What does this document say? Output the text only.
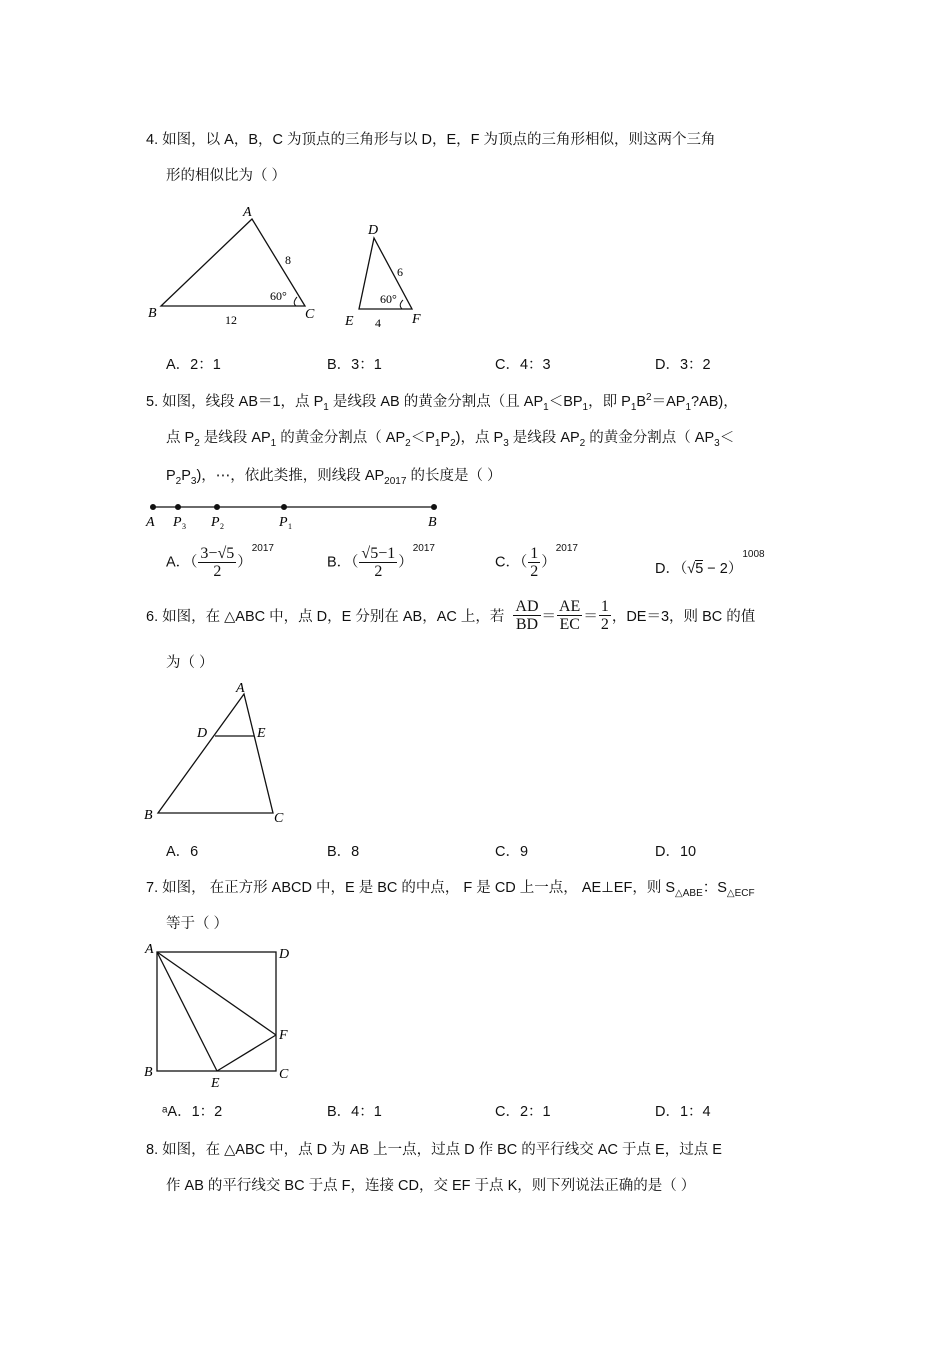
4. 如图，以 A，B，C 为顶点的三角形与以 D，E，F 为顶点的三角形相似，则这两个三角
形的相似比为（ ）
A
B	C
8
12
60°
D
E	F
6
4
60°
A．2：1	B．3：1	C．4：3	D．3：2
5. 如图，线段 AB＝1，点 $P_1$ 是线段 AB 的黄金分割点（且 $AP_1<BP_1$，即 $P_1B^2=AP_1?AB$)，
点 $P_2$ 是线段 $AP_1$ 的黄金分割点（ $AP_2<P_1P_2$)，点 $P_3$ 是线段 $AP_2$ 的黄金分割点（ $AP_3<$
$P_2P_3$)，⋯，依此类推，则线段 $AP_{2017}$ 的长度是（ ）
A P 3 P 2	P 1	B
A．（ $\frac{3-√5}{2} )^{2017}$
B．（ $\frac{√5-1}{2} )^{2017}$
C．（ $\frac{1}{2} )^{2017}$
D．$(√5 - 2)^{1008}$
6. 如图，在 △ABC 中，点 D，E 分别在 AB，AC 上，若 $\frac{AD}{BD} = \frac{AE}{EC} = \frac{1}{2}$ ，DE＝3，则 BC 的值
为（ ）
A
B	C
D	E
A．6	B．8	C．9	D．10
7. 如图， 在正方形 ABCD 中，E 是 BC 的中点， F 是 CD 上一点， AE⊥EF，则 $S_{\triangle ABE}$：$S_{\triangle ECF}$
等于（ ）
A	D
B	C
E
F
ᵃA．1：2	B．4：1	C．2：1	D．1：4
8. 如图，在 △ABC 中，点 D 为 AB 上一点，过点 D 作 BC 的平行线交 AC 于点 E，过点 E
作 AB 的平行线交 BC 于点 F，连接 CD，交 EF 于点 K，则下列说法正确的是（ ）
